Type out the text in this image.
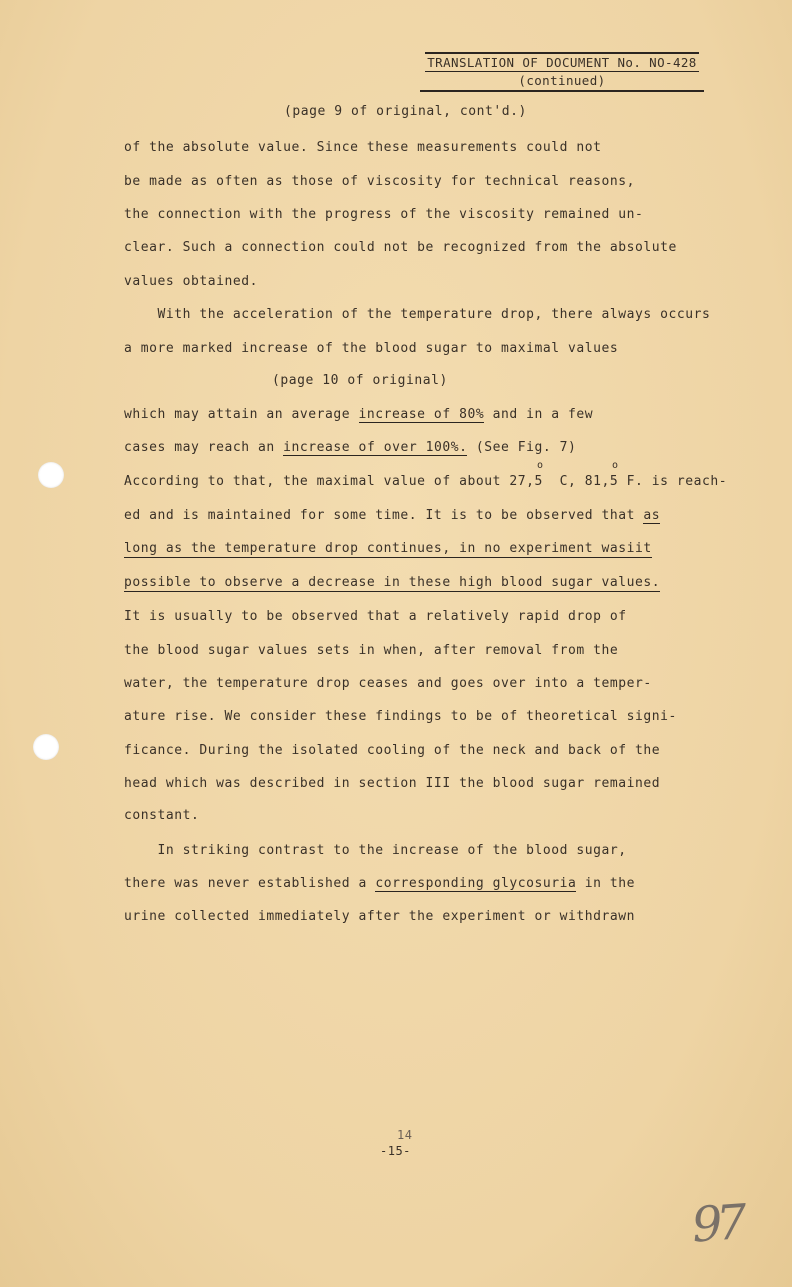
TRANSLATION OF DOCUMENT No. NO-428
(continued)
(page 9 of original, cont'd.)
of the absolute value. Since these measurements could not
be made as often as those of viscosity for technical reasons,
the connection with the progress of the viscosity remained un-
clear. Such a connection could not be recognized from the absolute
values obtained.
With the acceleration of the temperature drop, there always occurs
a more marked increase of the blood sugar to maximal values
(page 10 of original)
which may attain an average increase of 80% and in a few
cases may reach an increase of over 100%. (See Fig. 7)
o	o
According to that, the maximal value of about 27,5  C, 81,5 F. is reach-
ed and is maintained for some time. It is to be observed that as
long as the temperature drop continues, in no experiment wasiit
possible to observe a decrease in these high blood sugar values.
It is usually to be observed that a relatively rapid drop of
the blood sugar values sets in when, after removal from the
water, the temperature drop ceases and goes over into a temper-
ature rise. We consider these findings to be of theoretical signi-
ficance. During the isolated cooling of the neck and back of the
head which was described in section III the blood sugar remained
constant.
In striking contrast to the increase of the blood sugar,
there was never established a corresponding glycosuria in the
urine collected immediately after the experiment or withdrawn
14
-15-
97
